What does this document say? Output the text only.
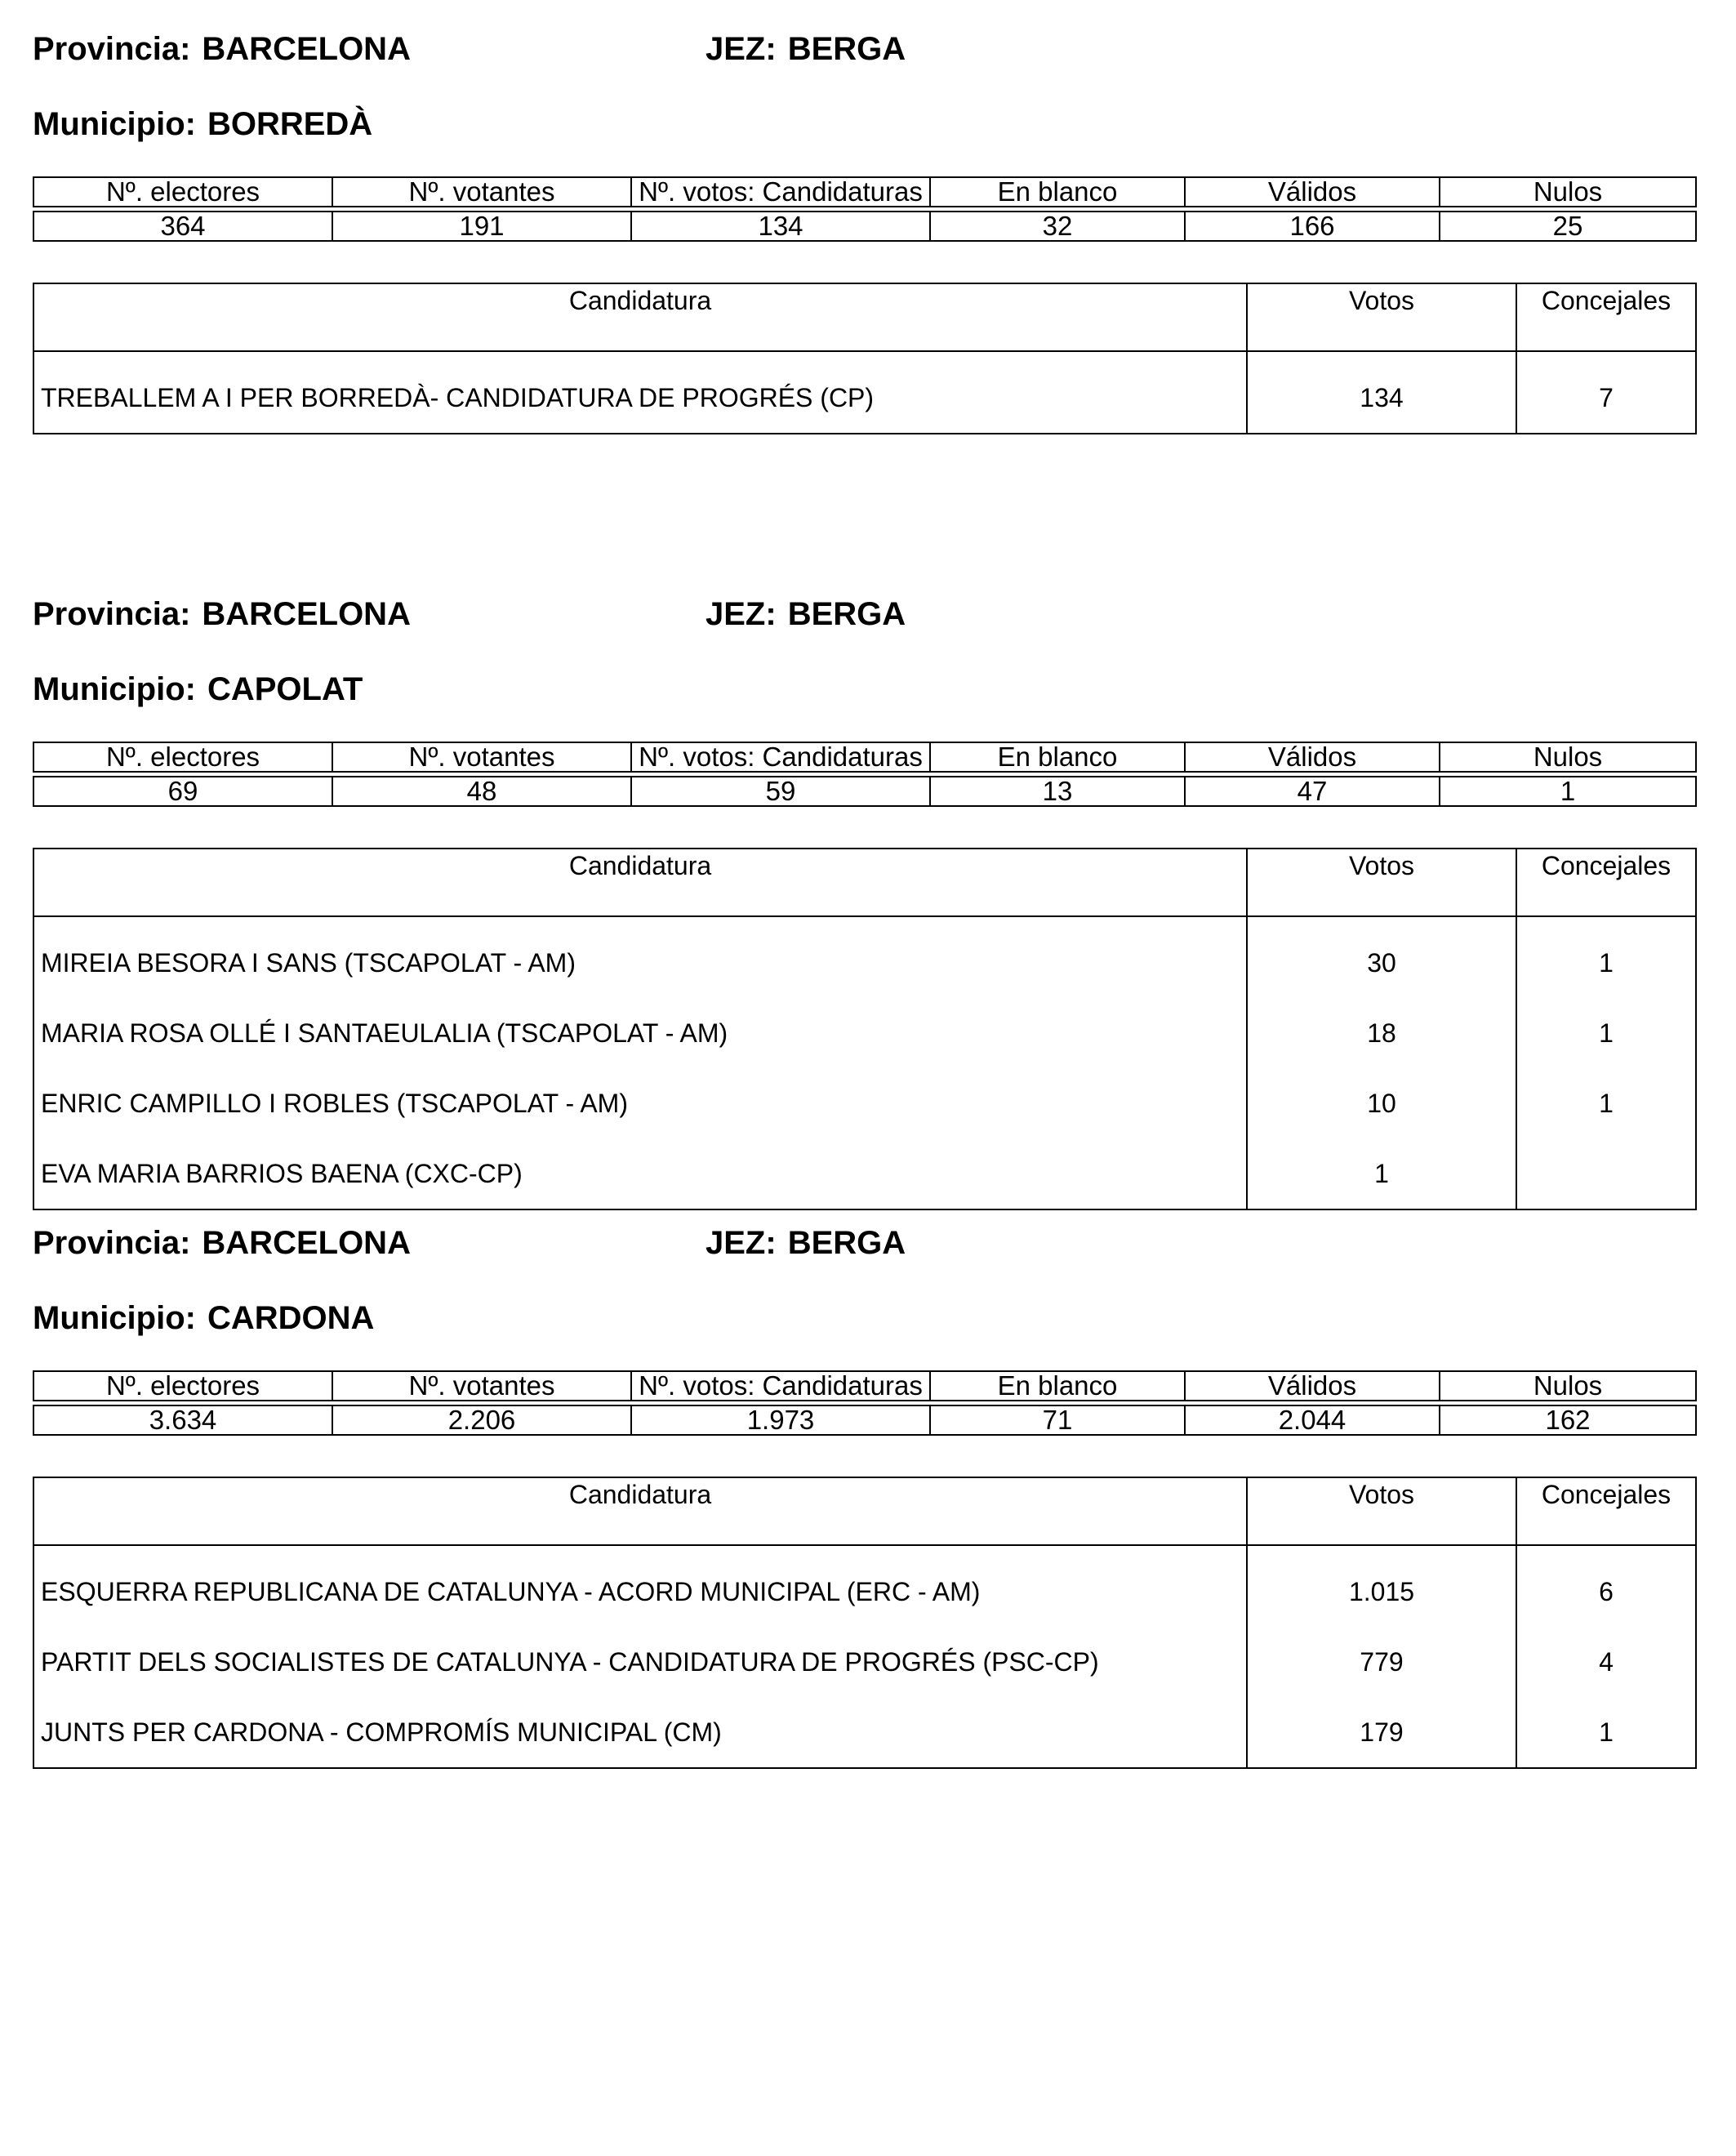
Provincia: BARCELONA	JEZ: BERGA
Municipio: BORREDÀ
Nº. electores	Nº. votantes	Nº. votos: Candidaturas	En blanco	Válidos	Nulos

364	191	134	32	166	25
Candidatura	Votos	Concejales
TREBALLEM A I PER BORREDÀ- CANDIDATURA DE PROGRÉS (CP)	134	7
Provincia: BARCELONA	JEZ: BERGA
Municipio: CAPOLAT
Nº. electores	Nº. votantes	Nº. votos: Candidaturas	En blanco	Válidos	Nulos

69	48	59	13	47	1
Candidatura	Votos	Concejales
MIREIA BESORA I SANS (TSCAPOLAT - AM)	30	1
MARIA ROSA OLLÉ I SANTAEULALIA (TSCAPOLAT - AM)	18	1
ENRIC CAMPILLO I ROBLES (TSCAPOLAT - AM)	10	1
EVA MARIA BARRIOS BAENA (CXC-CP)	1	
Provincia: BARCELONA	JEZ: BERGA
Municipio: CARDONA
Nº. electores	Nº. votantes	Nº. votos: Candidaturas	En blanco	Válidos	Nulos

3.634	2.206	1.973	71	2.044	162
Candidatura	Votos	Concejales
ESQUERRA REPUBLICANA DE CATALUNYA - ACORD MUNICIPAL (ERC - AM)	1.015	6
PARTIT DELS SOCIALISTES DE CATALUNYA - CANDIDATURA DE PROGRÉS (PSC-CP)	779	4
JUNTS PER CARDONA - COMPROMÍS MUNICIPAL (CM)	179	1
